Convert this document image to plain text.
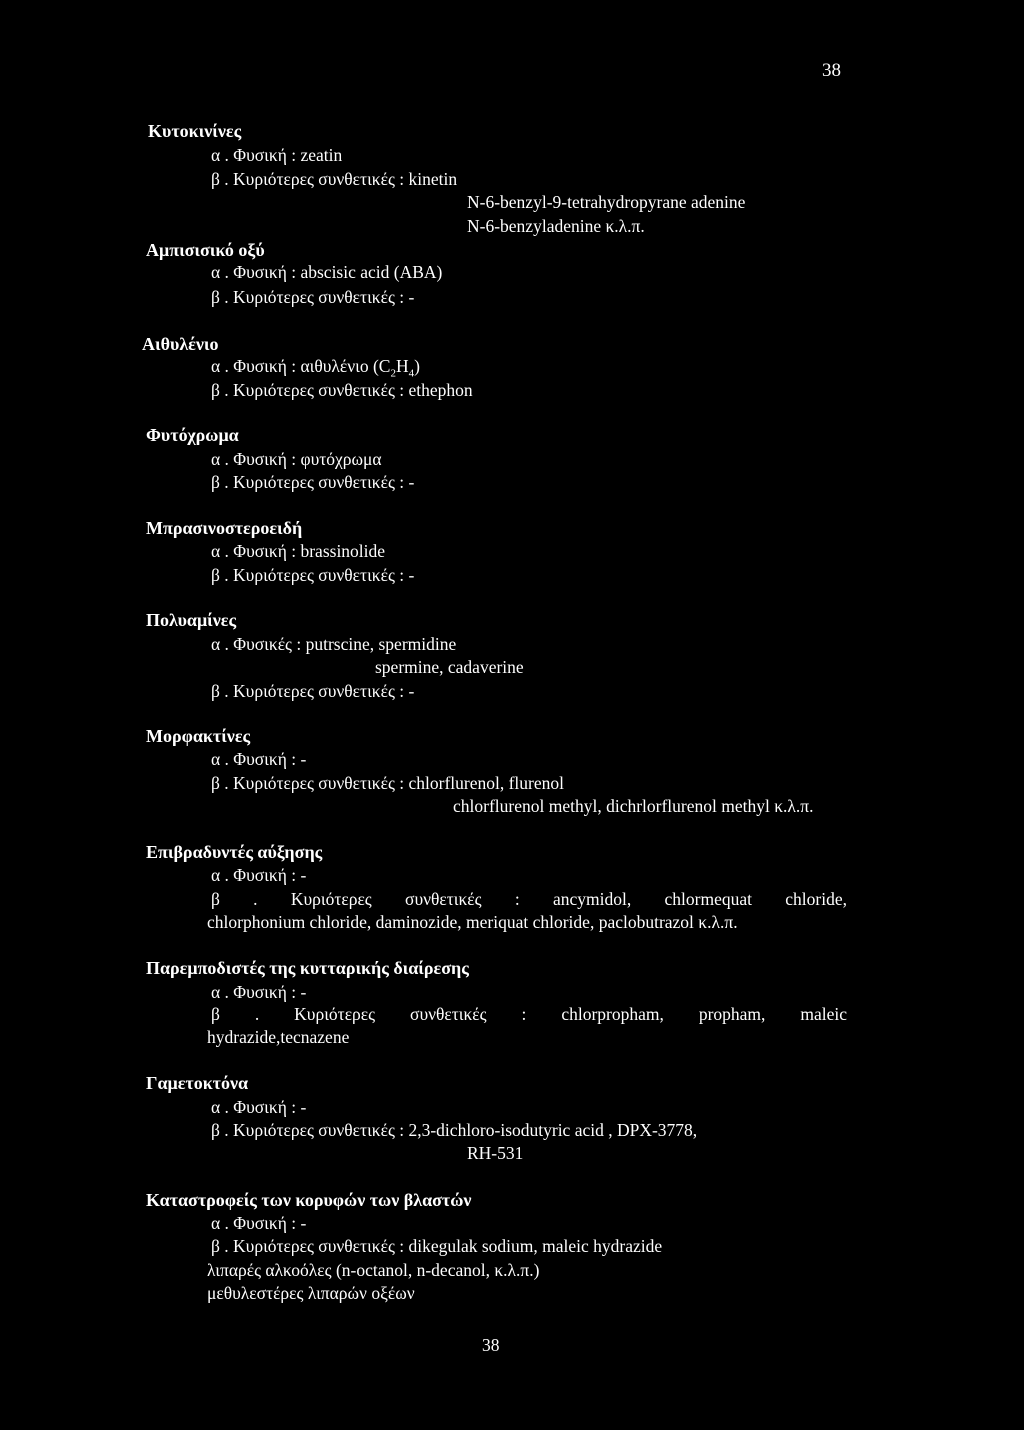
38
Κυτοκινίνες
α . Φυσική : zeatin
β . Κυριότερες συνθετικές : kinetin
N-6-benzyl-9-tetrahydropyrane adenine
N-6-benzyladenine κ.λ.π.
Αμπισισικό οξύ
α . Φυσική : abscisic acid (ABA)
β . Κυριότερες συνθετικές : -
Αιθυλένιο
α . Φυσική : αιθυλένιο $(C_2H_4)$
β . Κυριότερες συνθετικές : ethephon
Φυτόχρωμα
α . Φυσική : φυτόχρωμα
β . Κυριότερες συνθετικές : -
Μπρασινοστεροειδή
α . Φυσική : brassinolide
β . Κυριότερες συνθετικές : -
Πολυαμίνες
α . Φυσικές : putrscine, spermidine
spermine, cadaverine
β . Κυριότερες συνθετικές : -
Μορφακτίνες
α . Φυσική : -
β . Κυριότερες συνθετικές : chlorflurenol, flurenol
chlorflurenol methyl, dichrlorflurenol methyl κ.λ.π.
Επιβραδυντές αύξησης
α . Φυσική : -
β . Κυριότερες συνθετικές : ancymidol, chlormequat chloride,
chlorphonium chloride, daminozide, meriquat chloride, paclobutrazol κ.λ.π.
Παρεμποδιστές της κυτταρικής διαίρεσης
α . Φυσική : -
β . Κυριότερες συνθετικές : chlorpropham, propham, maleic
hydrazide,tecnazene
Γαμετοκτόνα
α . Φυσική : -
β . Κυριότερες συνθετικές : 2,3-dichloro-isodutyric acid , DPX-3778,
RH-531
Καταστροφείς των κορυφών των βλαστών
α . Φυσική : -
β . Κυριότερες συνθετικές : dikegulak sodium, maleic hydrazide
λιπαρές αλκοόλες (n-octanol, n-decanol, κ.λ.π.)
μεθυλεστέρες λιπαρών οξέων
38
